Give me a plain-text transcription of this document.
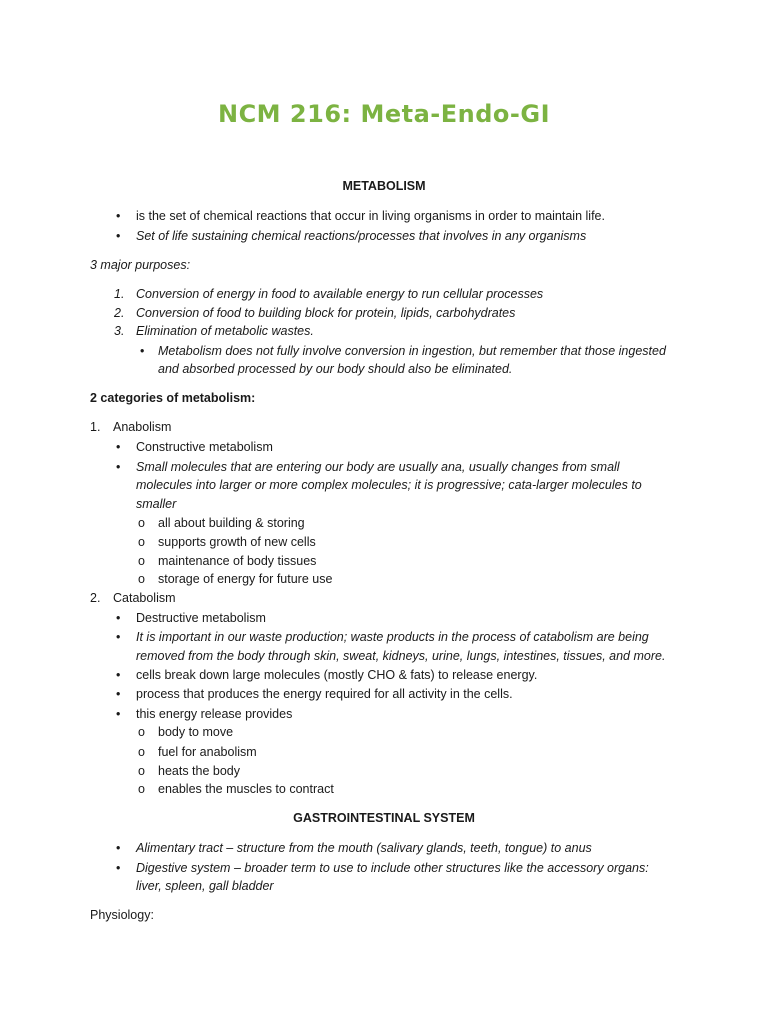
NCM 216: Meta-Endo-GI

METABOLISM

• is the set of chemical reactions that occur in living organisms in order to maintain life.

• Set of life sustaining chemical reactions/processes that involves in any organisms

3 major purposes:

1. Conversion of energy in food to available energy to run cellular processes

2. Conversion of food to building block for protein, lipids, carbohydrates

3. Elimination of metabolic wastes.

• Metabolism does not fully involve conversion in ingestion, but remember that those ingested

and absorbed processed by our body should also be eliminated.

2 categories of metabolism:

1. Anabolism

• Constructive metabolism

• Small molecules that are entering our body are usually ana, usually changes from small

molecules into larger or more complex molecules; it is progressive; cata-larger molecules to

smaller

o all about building & storing

o supports growth of new cells

o maintenance of body tissues

o storage of energy for future use

2. Catabolism

• Destructive metabolism

• It is important in our waste production; waste products in the process of catabolism are being

removed from the body through skin, sweat, kidneys, urine, lungs, intestines, tissues, and more.

• cells break down large molecules (mostly CHO & fats) to release energy.

• process that produces the energy required for all activity in the cells.

• this energy release provides

o body to move

o fuel for anabolism

o heats the body

o enables the muscles to contract

GASTROINTESTINAL SYSTEM

• Alimentary tract – structure from the mouth (salivary glands, teeth, tongue) to anus

• Digestive system – broader term to use to include other structures like the accessory organs:

liver, spleen, gall bladder

Physiology:
